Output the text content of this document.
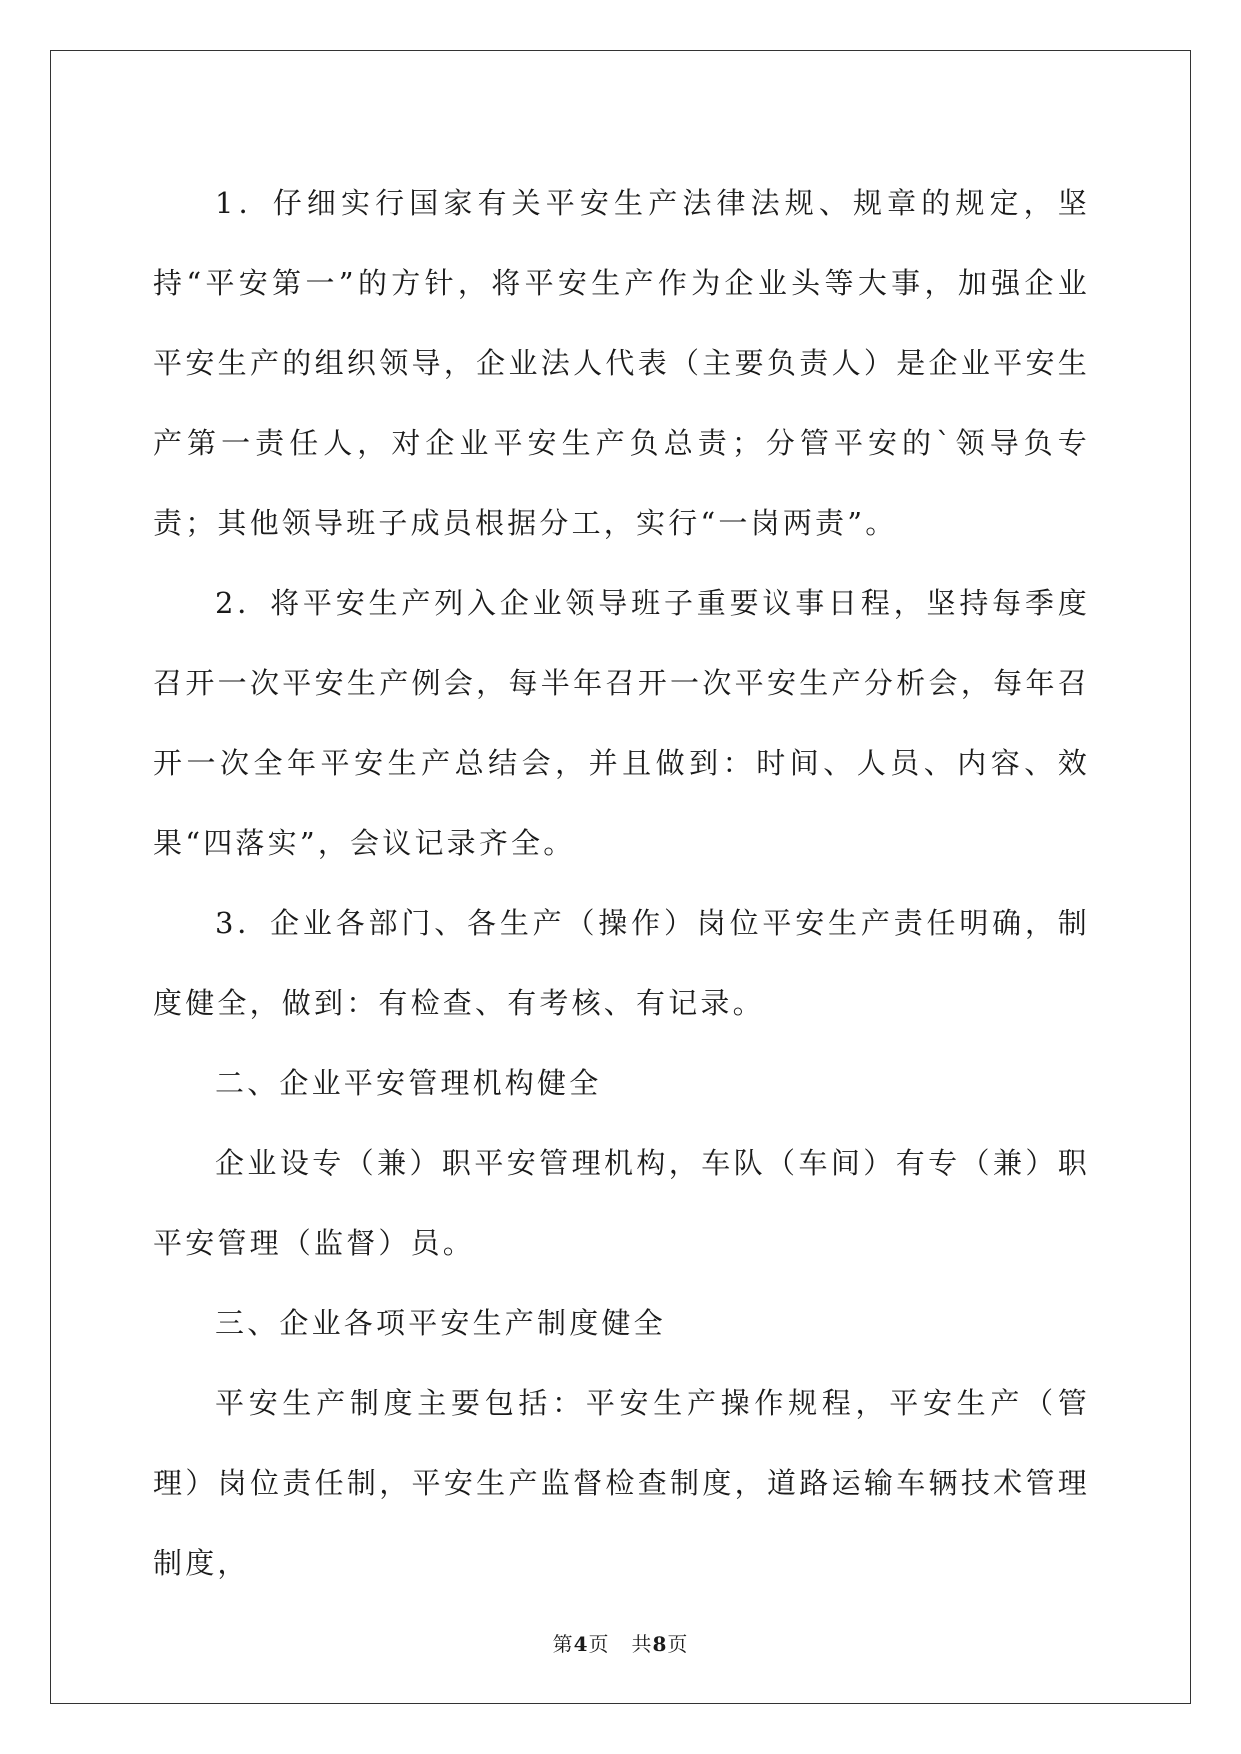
1．仔细实行国家有关平安生产法律法规、规章的规定，坚持“平安第一”的方针，将平安生产作为企业头等大事，加强企业平安生产的组织领导，企业法人代表（主要负责人）是企业平安生产第一责任人，对企业平安生产负总责；分管平安的`领导负专责；其他领导班子成员根据分工，实行“一岗两责”。

2．将平安生产列入企业领导班子重要议事日程，坚持每季度召开一次平安生产例会，每半年召开一次平安生产分析会，每年召开一次全年平安生产总结会，并且做到：时间、人员、内容、效果“四落实”，会议记录齐全。

3．企业各部门、各生产（操作）岗位平安生产责任明确，制度健全，做到：有检查、有考核、有记录。

二、企业平安管理机构健全

企业设专（兼）职平安管理机构，车队（车间）有专（兼）职平安管理（监督）员。

三、企业各项平安生产制度健全

平安生产制度主要包括：平安生产操作规程，平安生产（管理）岗位责任制，平安生产监督检查制度，道路运输车辆技术管理制度，

第4页 共8页
